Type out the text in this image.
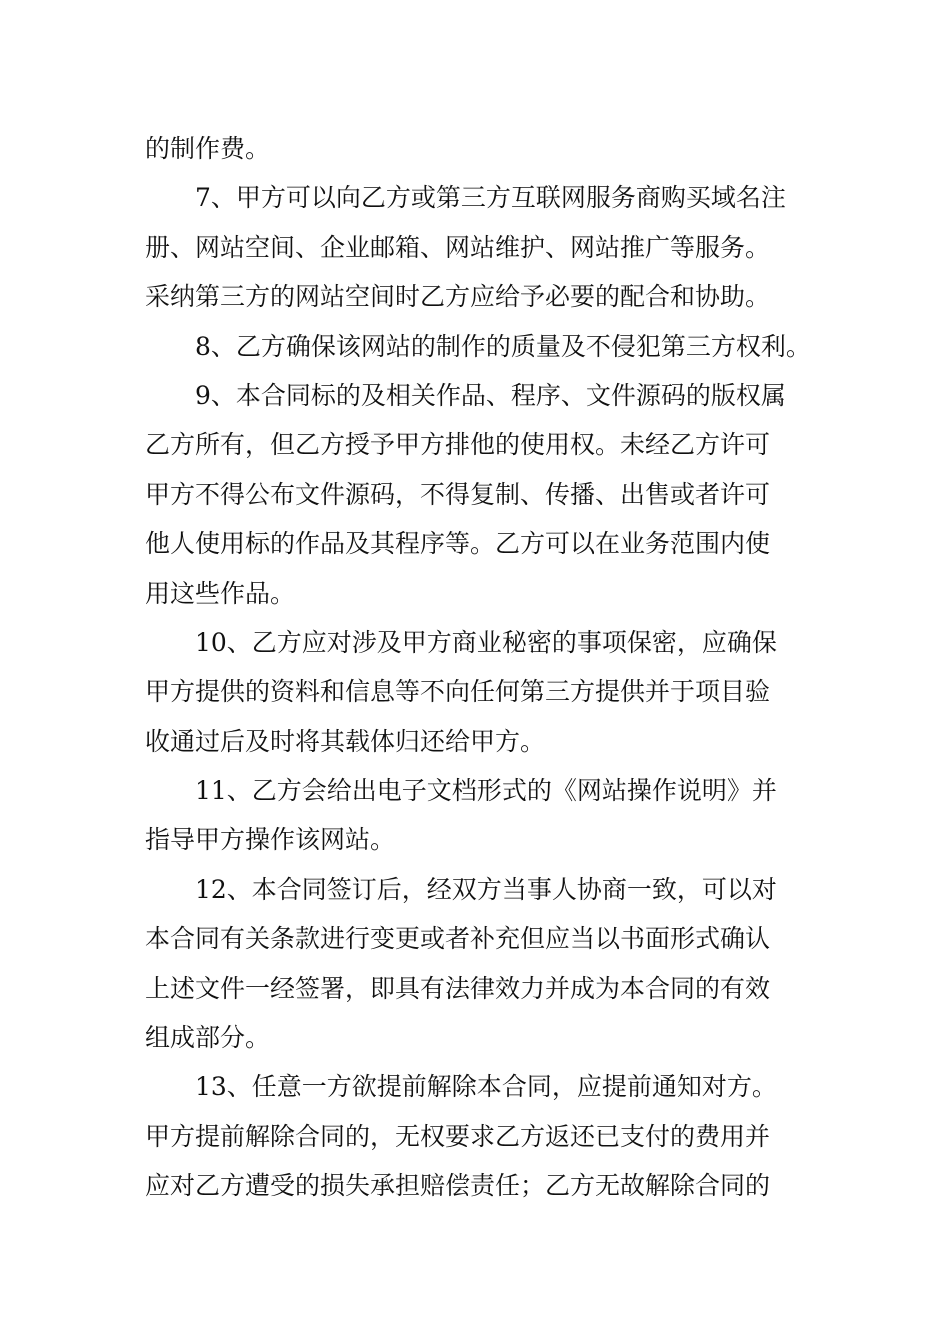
的制作费。
7、甲方可以向乙方或第三方互联网服务商购买域名注
册、网站空间、企业邮箱、网站维护、网站推广等服务。
采纳第三方的网站空间时乙方应给予必要的配合和协助。
8、乙方确保该网站的制作的质量及不侵犯第三方权利。
9、本合同标的及相关作品、程序、文件源码的版权属
乙方所有，但乙方授予甲方排他的使用权。未经乙方许可
甲方不得公布文件源码，不得复制、传播、出售或者许可
他人使用标的作品及其程序等。乙方可以在业务范围内使
用这些作品。
10、乙方应对涉及甲方商业秘密的事项保密，应确保
甲方提供的资料和信息等不向任何第三方提供并于项目验
收通过后及时将其载体归还给甲方。
11、乙方会给出电子文档形式的《网站操作说明》并
指导甲方操作该网站。
12、本合同签订后，经双方当事人协商一致，可以对
本合同有关条款进行变更或者补充但应当以书面形式确认
上述文件一经签署，即具有法律效力并成为本合同的有效
组成部分。
13、任意一方欲提前解除本合同，应提前通知对方。
甲方提前解除合同的，无权要求乙方返还已支付的费用并
应对乙方遭受的损失承担赔偿责任；乙方无故解除合同的
